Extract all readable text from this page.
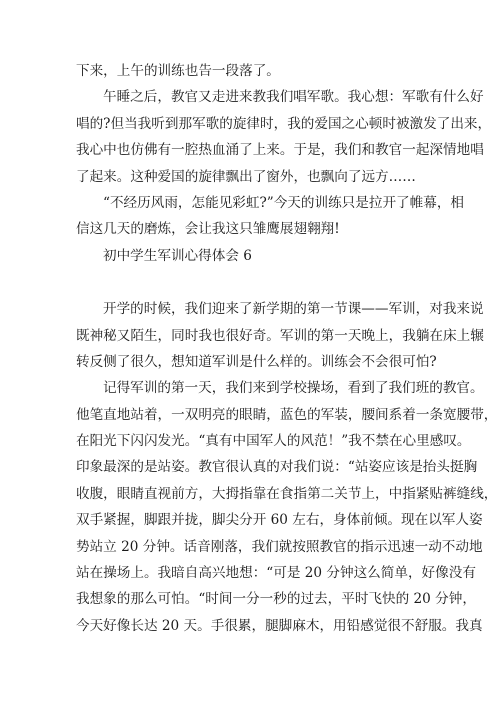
下来，上午的训练也告一段落了。
午睡之后，教官又走进来教我们唱军歌。我心想：军歌有什么好
唱的?但当我听到那军歌的旋律时，我的爱国之心顿时被激发了出来，
我心中也仿佛有一腔热血涌了上来。于是，我们和教官一起深情地唱
了起来。这种爱国的旋律飘出了窗外，也飘向了远方……
“不经历风雨，怎能见彩虹?”今天的训练只是拉开了帷幕，相
信这几天的磨炼，会让我这只雏鹰展翅翱翔!
初中学生军训心得体会 6
开学的时候，我们迎来了新学期的第一节课——军训，对我来说
既神秘又陌生，同时我也很好奇。军训的第一天晚上，我躺在床上辗
转反侧了很久，想知道军训是什么样的。训练会不会很可怕?
记得军训的第一天，我们来到学校操场，看到了我们班的教官。
他笔直地站着，一双明亮的眼睛，蓝色的军装，腰间系着一条宽腰带，
在阳光下闪闪发光。“真有中国军人的风范！”我不禁在心里感叹。
印象最深的是站姿。教官很认真的对我们说：“站姿应该是抬头挺胸
收腹，眼睛直视前方，大拇指靠在食指第二关节上，中指紧贴裤缝线，
双手紧握，脚跟并拢，脚尖分开 60 左右，身体前倾。现在以军人姿
势站立 20 分钟。话音刚落，我们就按照教官的指示迅速一动不动地
站在操场上。我暗自高兴地想：“可是 20 分钟这么简单，好像没有
我想象的那么可怕。“时间一分一秒的过去，平时飞快的 20 分钟，
今天好像长达 20 天。手很累，腿脚麻木，用铅感觉很不舒服。我真
